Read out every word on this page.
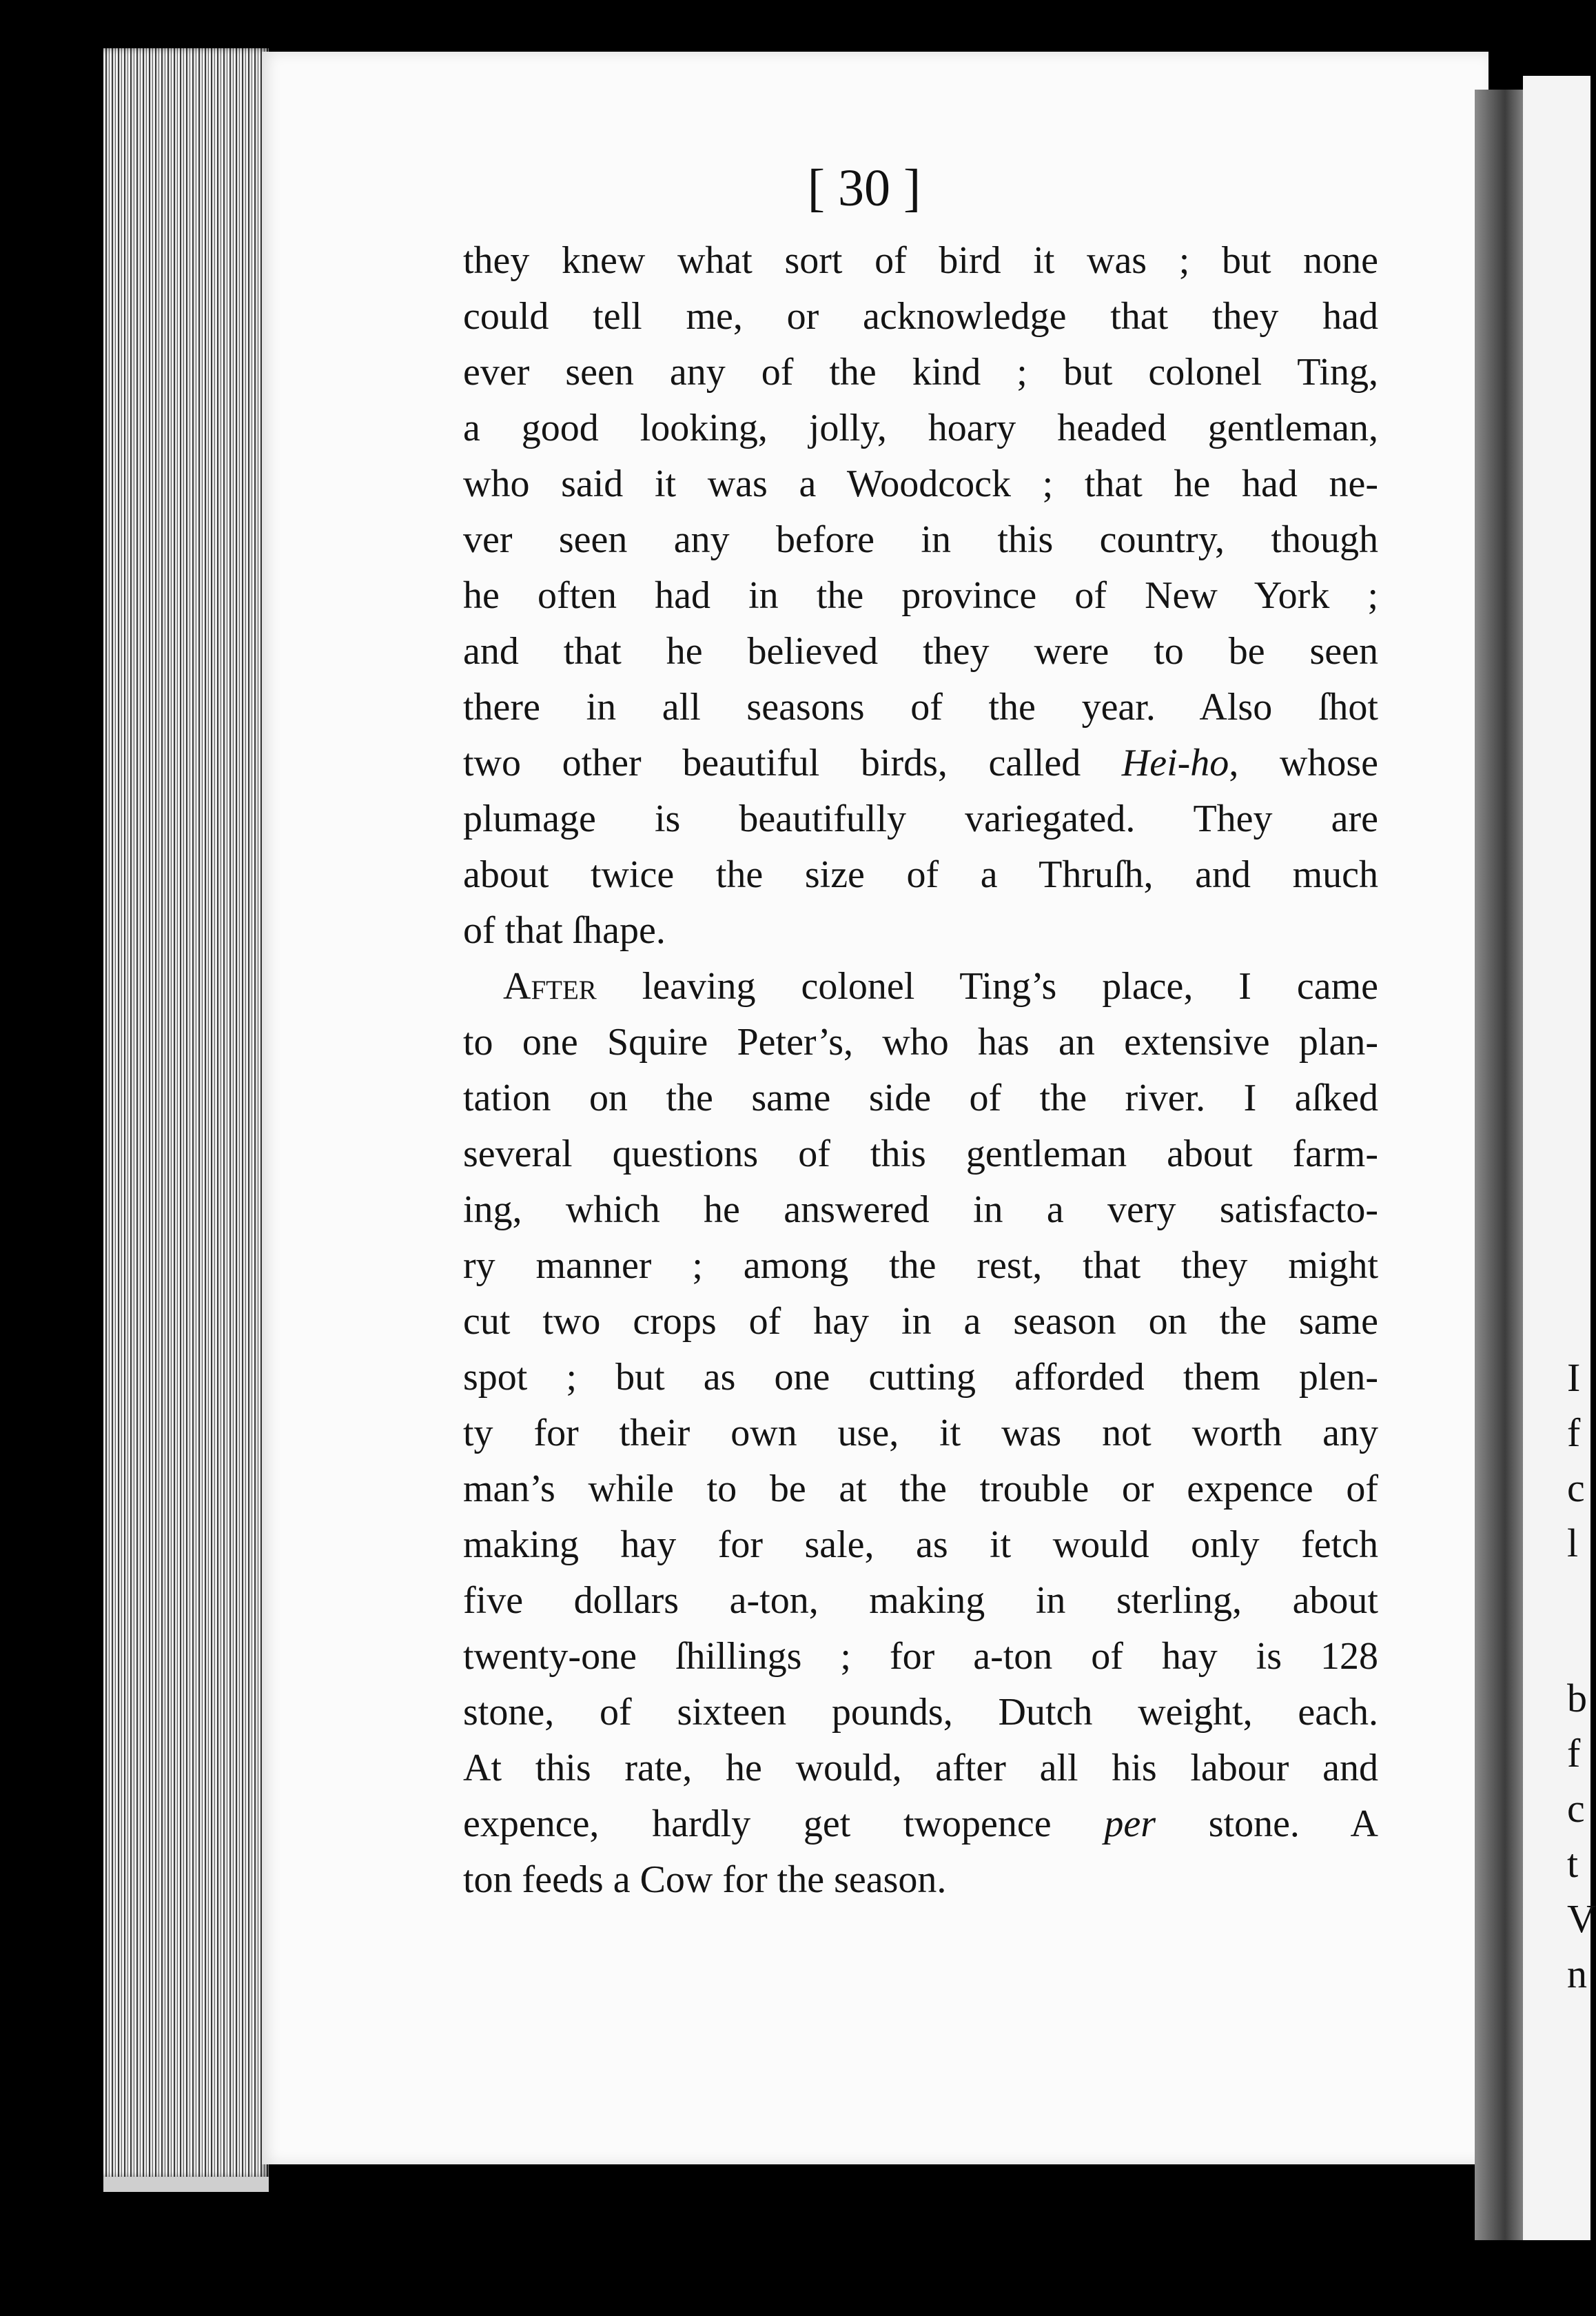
I
f
c
l
b
f
c
t
V
n
[ 30 ]
they knew what sort of bird it was ; but none
could tell me, or acknowledge that they had
ever seen any of the kind ; but colonel Ting,
a good looking, jolly, hoary headed gentleman,
who said it was a Woodcock ; that he had ne-
ver seen any before in this country, though
he often had in the province of New York ;
and that he believed they were to be seen
there in all seasons of the year. Also ſhot
two other beautiful birds, called Hei-ho, whose
plumage is beautifully variegated. They are
about twice the size of a Thruſh, and much
of that ſhape.
After leaving colonel Ting’s place, I came
to one Squire Peter’s, who has an extensive plan-
tation on the same side of the river. I aſked
several questions of this gentleman about farm-
ing, which he answered in a very satisfacto-
ry manner ; among the rest, that they might
cut two crops of hay in a season on the same
spot ; but as one cutting afforded them plen-
ty for their own use, it was not worth any
man’s while to be at the trouble or expence of
making hay for sale, as it would only fetch
five dollars a-ton, making in sterling, about
twenty-one ſhillings ; for a-ton of hay is 128
stone, of sixteen pounds, Dutch weight, each.
At this rate, he would, after all his labour and
expence, hardly get twopence per stone. A
ton feeds a Cow for the season.
